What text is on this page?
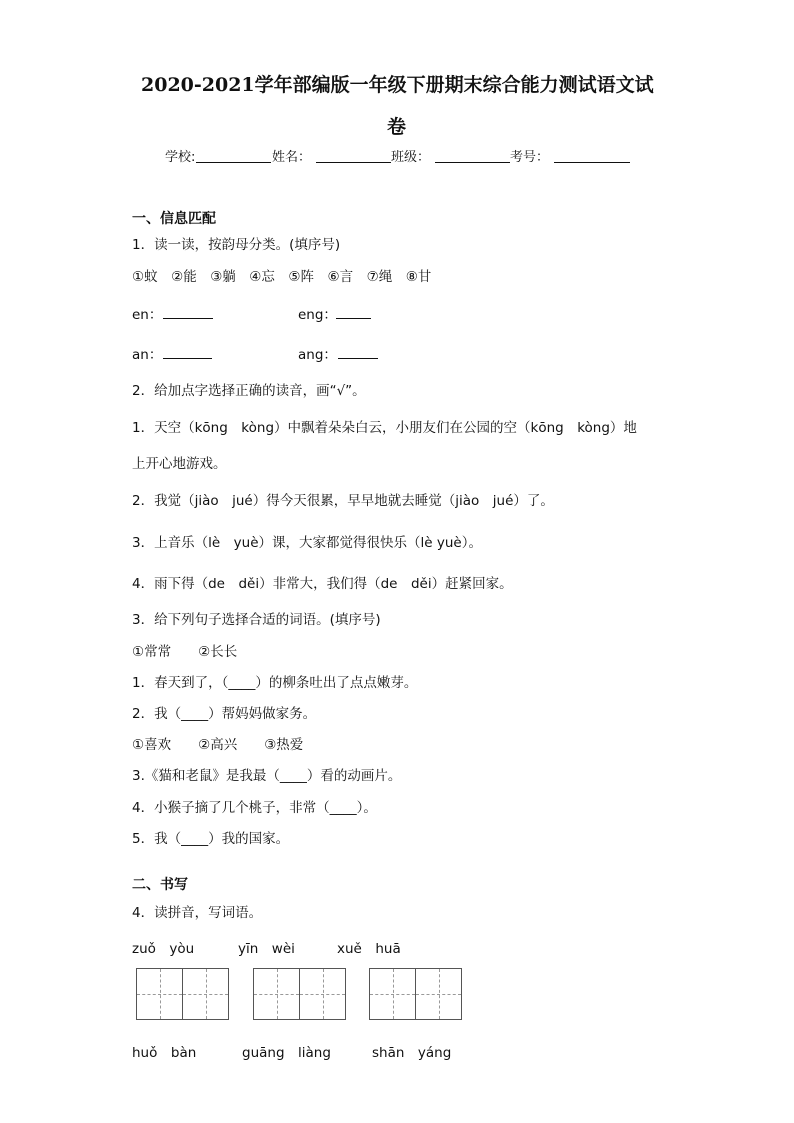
2020-2021学年部编版一年级下册期末综合能力测试语文试
卷
学校:	姓名：	班级：	考号：
一、信息匹配
1．读一读，按韵母分类。(填序号)
①蚊　②能　③躺　④忘　⑤阵　⑥言　⑦绳　⑧甘
en：	eng：
an：	ang：
2．给加点字选择正确的读音，画“√”。
1．天空（kōng　kòng）中飘着朵朵白云，小朋友们在公园的空（kōng　kòng）地
上开心地游戏。
2．我觉（jiào　jué）得今天很累，早早地就去睡觉（jiào　jué）了。
3．上音乐（lè　yuè）课，大家都觉得很快乐（lè yuè）。
4．雨下得（de　děi）非常大，我们得（de　děi）赶紧回家。
3．给下列句子选择合适的词语。(填序号)
①常常　　②长长
1．春天到了，（____）的柳条吐出了点点嫩芽。
2．我（____）帮妈妈做家务。
①喜欢　　②高兴　　③热爱
3.《猫和老鼠》是我最（____）看的动画片。
4．小猴子摘了几个桃子，非常（____）。
5．我（____）我的国家。
二、书写
4．读拼音，写词语。
zuǒ　yòu	yīn　wèi	xuě　huā
huǒ　bàn	guāng　liàng	shān　yáng
